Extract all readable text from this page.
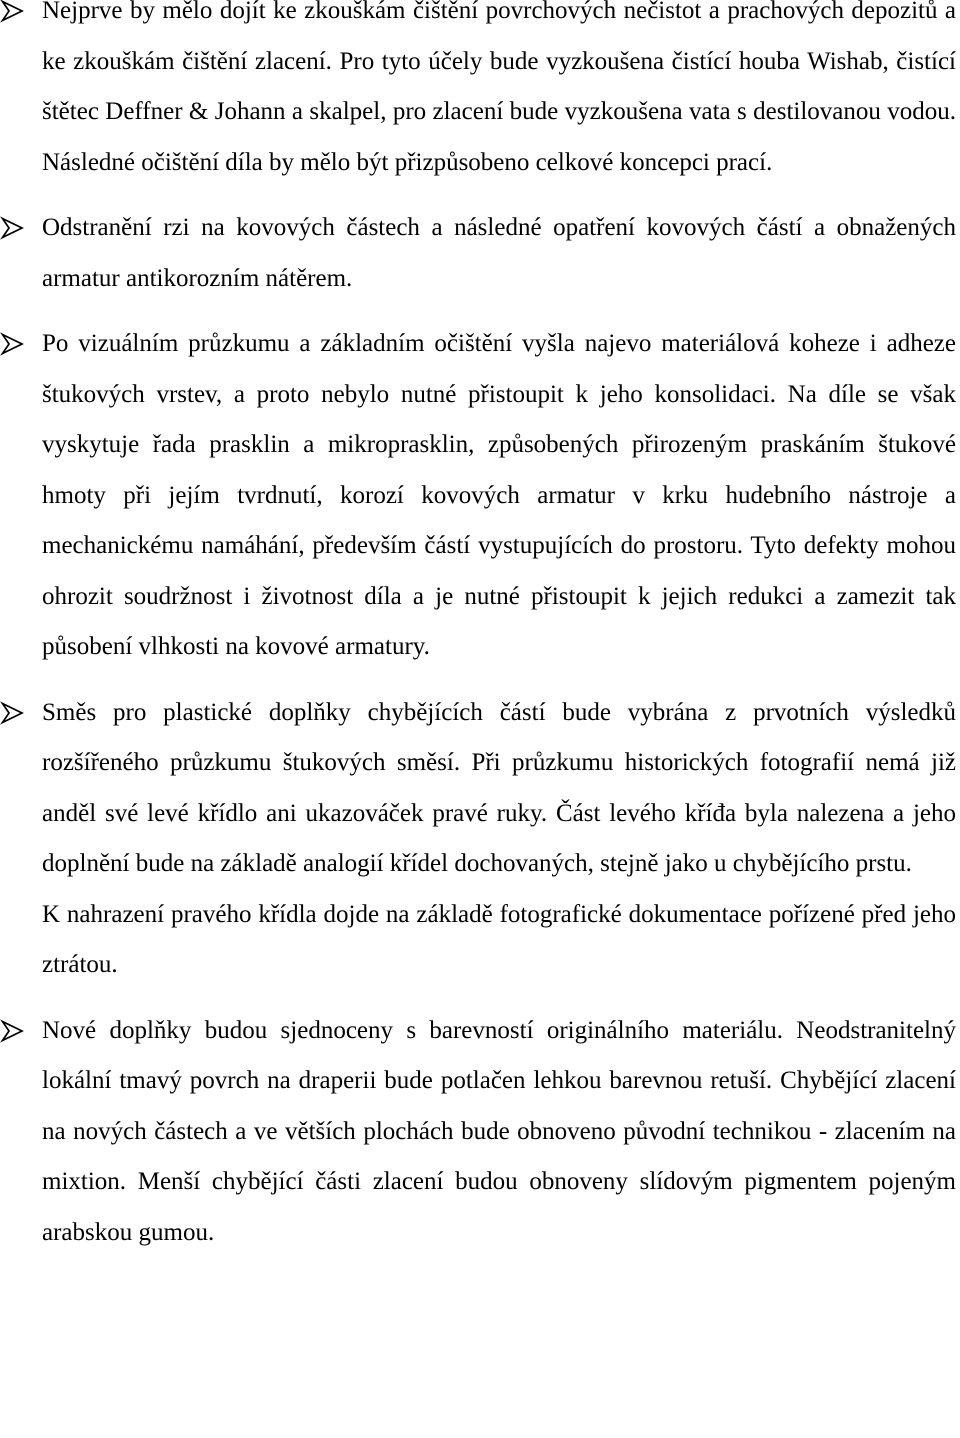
Nejprve by mělo dojít ke zkouškám čištění povrchových nečistot a prachových depozitů a ke zkouškám čištění zlacení. Pro tyto účely bude vyzkoušena čistící houba Wishab, čistící štětec Deffner & Johann a skalpel, pro zlacení bude vyzkoušena vata s destilovanou vodou. Následné očištění díla by mělo být přizpůsobeno celkové koncepci prací.

Odstranění rzi na kovových částech a následné opatření kovových částí a obnažených armatur antikorozním nátěrem.

Po vizuálním průzkumu a základním očištění vyšla najevo materiálová koheze i adheze štukových vrstev, a proto nebylo nutné přistoupit k jeho konsolidaci. Na díle se však vyskytuje řada prasklin a mikroprasklin, způsobených přirozeným praskáním štukové hmoty při jejím tvrdnutí, korozí kovových armatur v krku hudebního nástroje a mechanickému namáhání, především částí vystupujících do prostoru. Tyto defekty mohou ohrozit soudržnost i životnost díla a je nutné přistoupit k jejich redukci a zamezit tak působení vlhkosti na kovové armatury.

Směs pro plastické doplňky chybějících částí bude vybrána z prvotních výsledků rozšířeného průzkumu štukových směsí. Při průzkumu historických fotografií nemá již anděl své levé křídlo ani ukazováček pravé ruky. Část levého kříđa byla nalezena a jeho doplnění bude na základě analogií křídel dochovaných, stejně jako u chybějícího prstu.

K nahrazení pravého křídla dojde na základě fotografické dokumentace pořízené před jeho ztrátou.

Nové doplňky budou sjednoceny s barevností originálního materiálu. Neodstranitelný lokální tmavý povrch na draperii bude potlačen lehkou barevnou retuší. Chybějící zlacení na nových částech a ve větších plochách bude obnoveno původní technikou - zlacením na mixtion. Menší chybějící části zlacení budou obnoveny slídovým pigmentem pojeným arabskou gumou.
